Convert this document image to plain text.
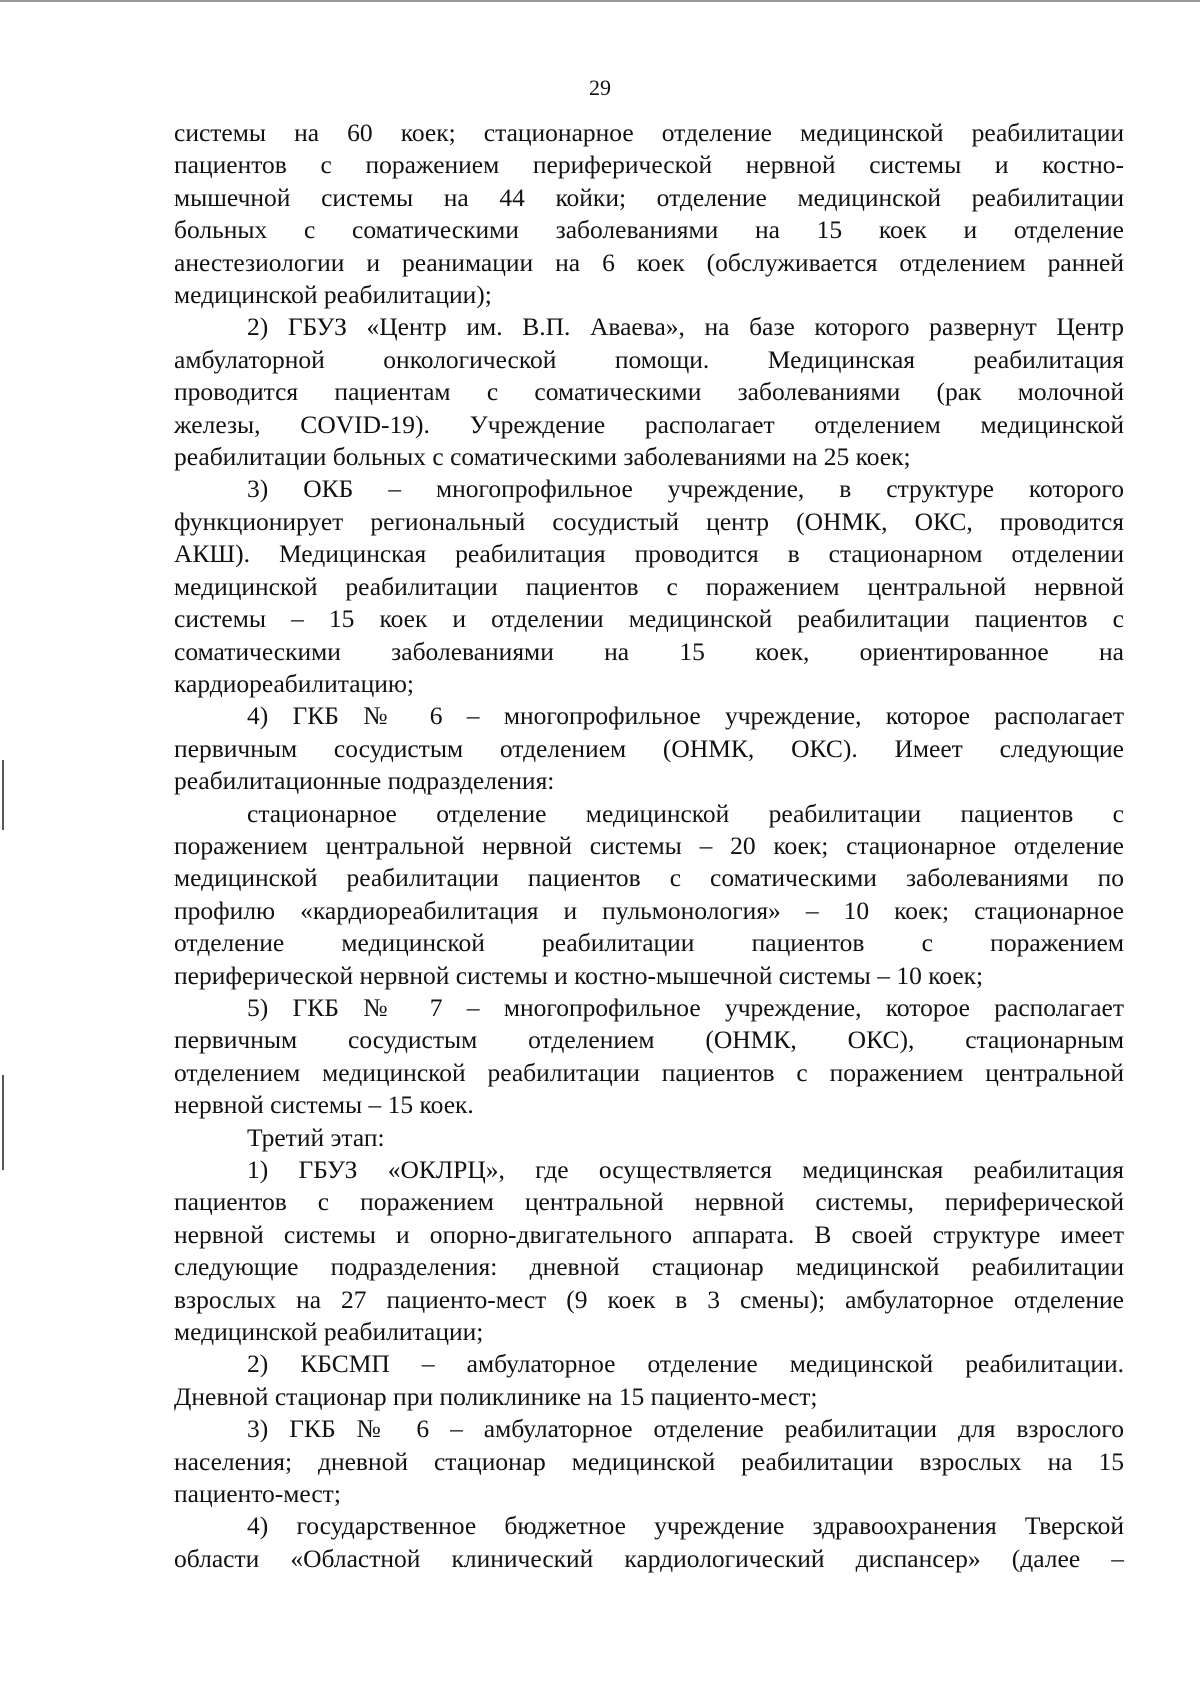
29

системы на 60 коек; стационарное отделение медицинской реабилитации

пациентов с поражением периферической нервной системы и костно-

мышечной системы на 44 койки; отделение медицинской реабилитации

больных с соматическими заболеваниями на 15 коек и отделение

анестезиологии и реанимации на 6 коек (обслуживается отделением ранней

медицинской реабилитации);

2) ГБУЗ «Центр им. В.П. Аваева», на базе которого развернут Центр

амбулаторной онкологической помощи. Медицинская реабилитация

проводится пациентам с соматическими заболеваниями (рак молочной

железы, COVID-19). Учреждение располагает отделением медицинской

реабилитации больных с соматическими заболеваниями на 25 коек;

3) ОКБ – многопрофильное учреждение, в структуре которого

функционирует региональный сосудистый центр (ОНМК, ОКС, проводится

АКШ). Медицинская реабилитация проводится в стационарном отделении

медицинской реабилитации пациентов с поражением центральной нервной

системы – 15 коек и отделении медицинской реабилитации пациентов с

соматическими заболеваниями на 15 коек, ориентированное на

кардиореабилитацию;

4) ГКБ № 6 – многопрофильное учреждение, которое располагает

первичным сосудистым отделением (ОНМК, ОКС). Имеет следующие

реабилитационные подразделения:

стационарное отделение медицинской реабилитации пациентов с

поражением центральной нервной системы – 20 коек; стационарное отделение

медицинской реабилитации пациентов с соматическими заболеваниями по

профилю «кардиореабилитация и пульмонология» – 10 коек; стационарное

отделение медицинской реабилитации пациентов с поражением

периферической нервной системы и костно-мышечной системы – 10 коек;

5) ГКБ № 7 – многопрофильное учреждение, которое располагает

первичным сосудистым отделением (ОНМК, ОКС), стационарным

отделением медицинской реабилитации пациентов с поражением центральной

нервной системы – 15 коек.

Третий этап:

1) ГБУЗ «ОКЛРЦ», где осуществляется медицинская реабилитация

пациентов с поражением центральной нервной системы, периферической

нервной системы и опорно-двигательного аппарата. В своей структуре имеет

следующие подразделения: дневной стационар медицинской реабилитации

взрослых на 27 пациенто-мест (9 коек в 3 смены); амбулаторное отделение

медицинской реабилитации;

2) КБСМП – амбулаторное отделение медицинской реабилитации.

Дневной стационар при поликлинике на 15 пациенто-мест;

3) ГКБ № 6 – амбулаторное отделение реабилитации для взрослого

населения; дневной стационар медицинской реабилитации взрослых на 15

пациенто-мест;

4) государственное бюджетное учреждение здравоохранения Тверской

области «Областной клинический кардиологический диспансер» (далее –
